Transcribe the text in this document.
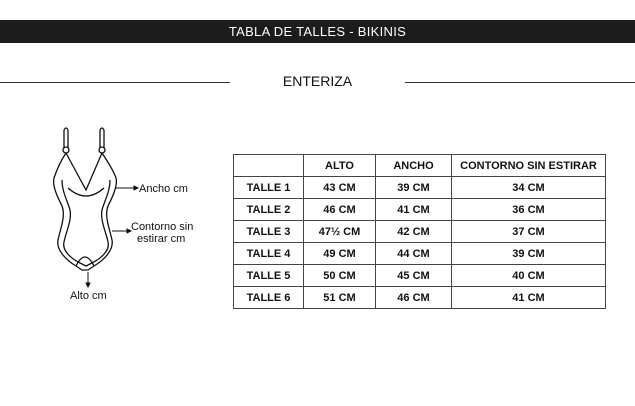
TABLA DE TALLES - BIKINIS
ENTERIZA
Ancho cm
Contorno sin
estirar cm
Alto cm
	ALTO	ANCHO	CONTORNO SIN ESTIRAR
TALLE 1	43 CM	39 CM	34 CM
TALLE 2	46 CM	41 CM	36 CM
TALLE 3	47½ CM	42 CM	37 CM
TALLE 4	49 CM	44 CM	39 CM
TALLE 5	50 CM	45 CM	40 CM
TALLE 6	51 CM	46 CM	41 CM
